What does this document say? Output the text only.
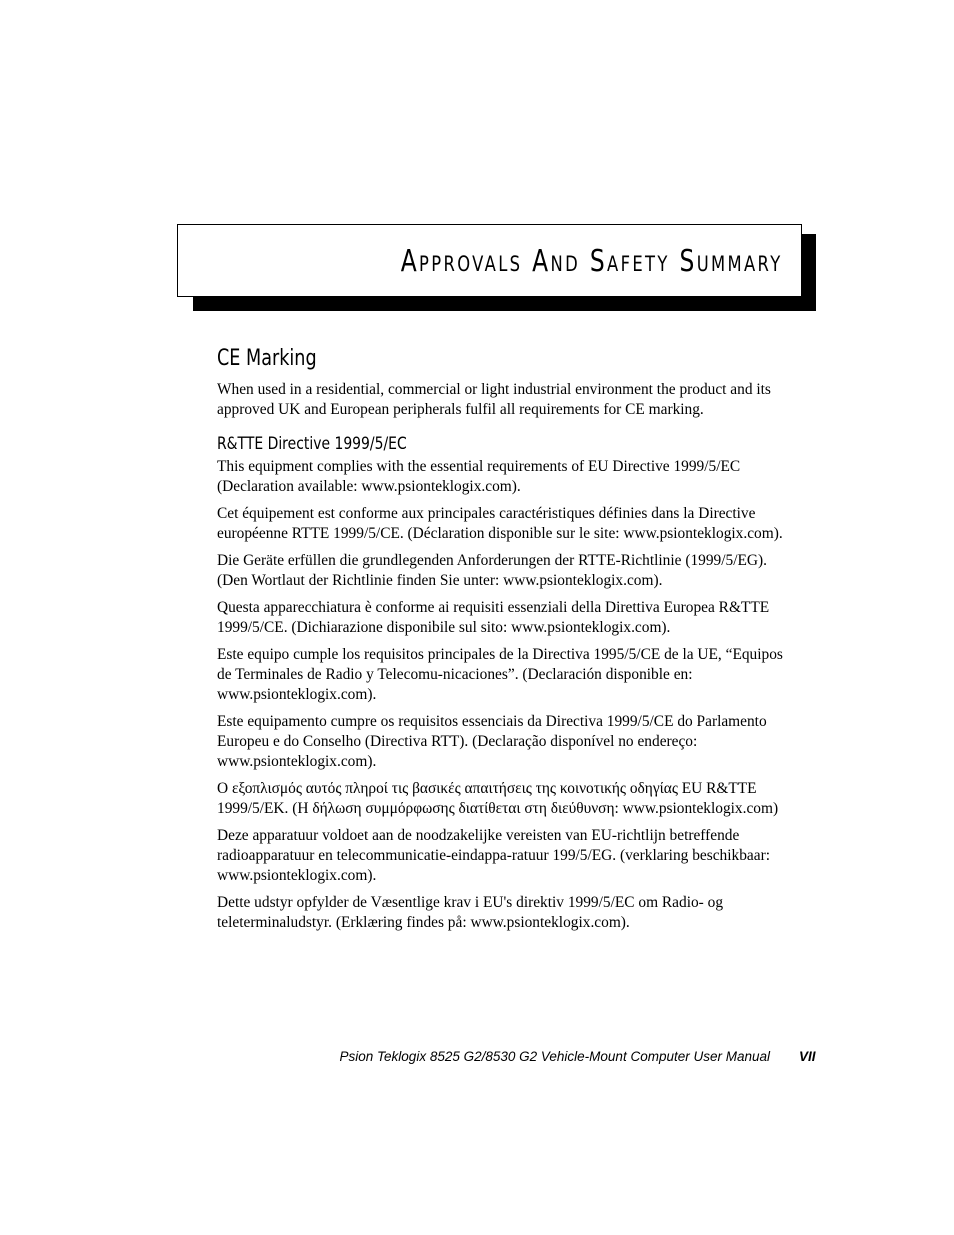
Approvals And Safety Summary
CE Marking

When used in a residential, commercial or light industrial environment the product and its approved UK and European peripherals fulfil all requirements for CE marking.

R&TTE Directive 1999/5/EC

This equipment complies with the essential requirements of EU Directive 1999/5/EC (Declaration available: www.psionteklogix.com).

Cet équipement est conforme aux principales caractéristiques définies dans la Directive européenne RTTE 1999/5/CE. (Déclaration disponible sur le site: www.psionteklogix.com).

Die Geräte erfüllen die grundlegenden Anforderungen der RTTE-Richtlinie (1999/5/EG). (Den Wortlaut der Richtlinie finden Sie unter: www.psionteklogix.com).

Questa apparecchiatura è conforme ai requisiti essenziali della Direttiva Europea R&TTE 1999/5/CE. (Dichiarazione disponibile sul sito: www.psionteklogix.com).

Este equipo cumple los requisitos principales de la Directiva 1995/5/CE de la UE, “Equipos de Terminales de Radio y Telecomu-nicaciones”. (Declaración disponible en: www.psionteklogix.com).

Este equipamento cumpre os requisitos essenciais da Directiva 1999/5/CE do Parlamento Europeu e do Conselho (Directiva RTT). (Declaração disponível no endereço: www.psionteklogix.com).

Ο εξοπλισμός αυτός πληροί τις βασικές απαιτήσεις της κοινοτικής οδηγίας EU R&TTE 1999/5/EK. (Η δήλωση συμμόρφωσης διατίθεται στη διεύθυνση: www.psionteklogix.com)

Deze apparatuur voldoet aan de noodzakelijke vereisten van EU-richtlijn betreffende radioapparatuur en telecommunicatie-eindappa-ratuur 199/5/EG. (verklaring beschikbaar: www.psionteklogix.com).

Dette udstyr opfylder de Væsentlige krav i EU's direktiv 1999/5/EC om Radio- og teleterminaludstyr. (Erklæring findes på: www.psionteklogix.com).

Psion Teklogix 8525 G2/8530 G2 Vehicle-Mount Computer User Manual VII
